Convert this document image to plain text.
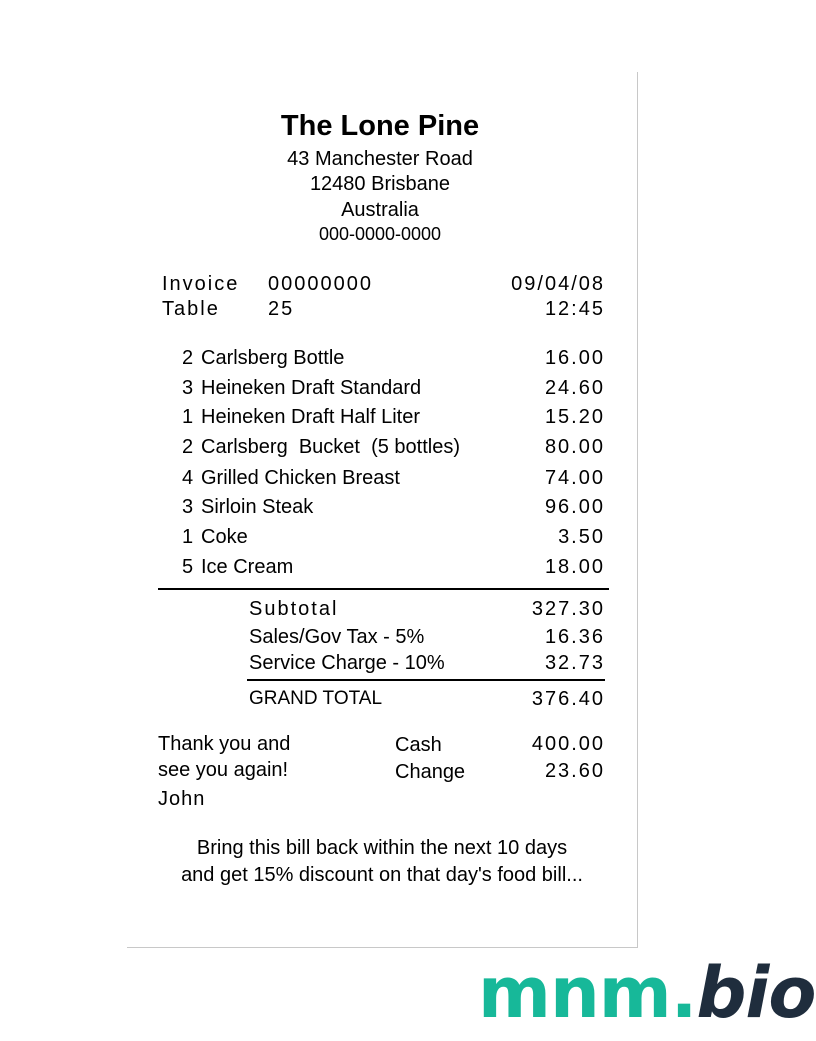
The Lone Pine
43 Manchester Road
12480 Brisbane
Australia
000-0000-0000
Invoice 00000000	09/04/08
Table 25	12:45
2 Carlsberg Bottle	16.00
3 Heineken Draft Standard	24.60
1 Heineken Draft Half Liter	15.20
2 Carlsberg  Bucket  (5 bottles)	80.00
4 Grilled Chicken Breast	74.00
3 Sirloin Steak	96.00
1 Coke	3.50
5 Ice Cream	18.00
Subtotal	327.30
Sales/Gov Tax - 5%	16.36
Service Charge - 10%	32.73
GRAND TOTAL	376.40
Thank you and
see you again!
John
Cash	400.00
Change	23.60
Bring this bill back within the next 10 days
and get 15% discount on that day's food bill...
mnm.bio
